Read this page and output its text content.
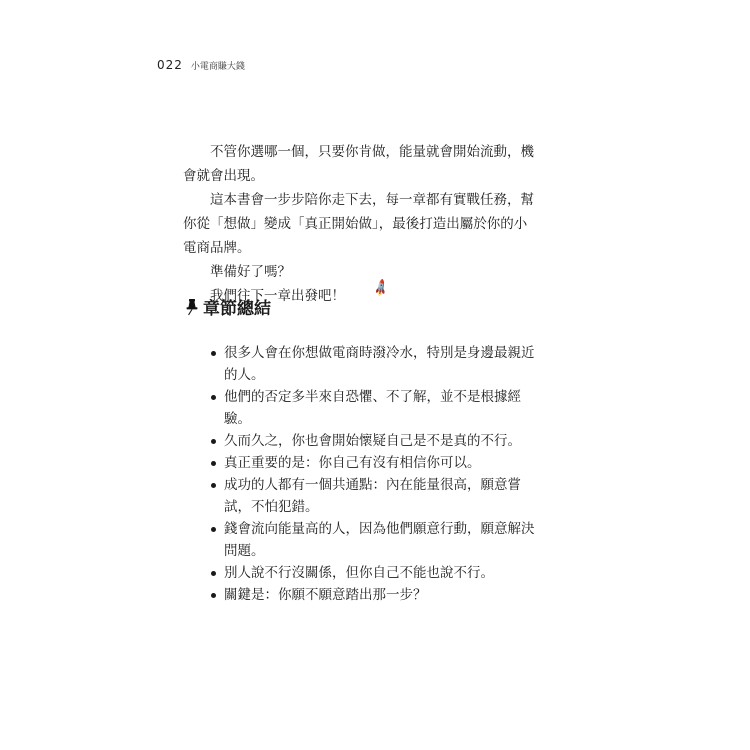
022 小電商賺大錢

不管你選哪一個，只要你肯做，能量就會開始流動，機會就會出現。

這本書會一步步陪你走下去，每一章都有實戰任務，幫你從「想做」變成「真正開始做」，最後打造出屬於你的小電商品牌。

準備好了嗎？

我們往下一章出發吧！ 🚀

章節總結
很多人會在你想做電商時潑冷水，特別是身邊最親近的人。
他們的否定多半來自恐懼、不了解，並不是根據經驗。
久而久之，你也會開始懷疑自己是不是真的不行。
真正重要的是：你自己有沒有相信你可以。
成功的人都有一個共通點：內在能量很高，願意嘗試，不怕犯錯。
錢會流向能量高的人，因為他們願意行動，願意解決問題。
別人說不行沒關係，但你自己不能也說不行。
關鍵是：你願不願意踏出那一步？
